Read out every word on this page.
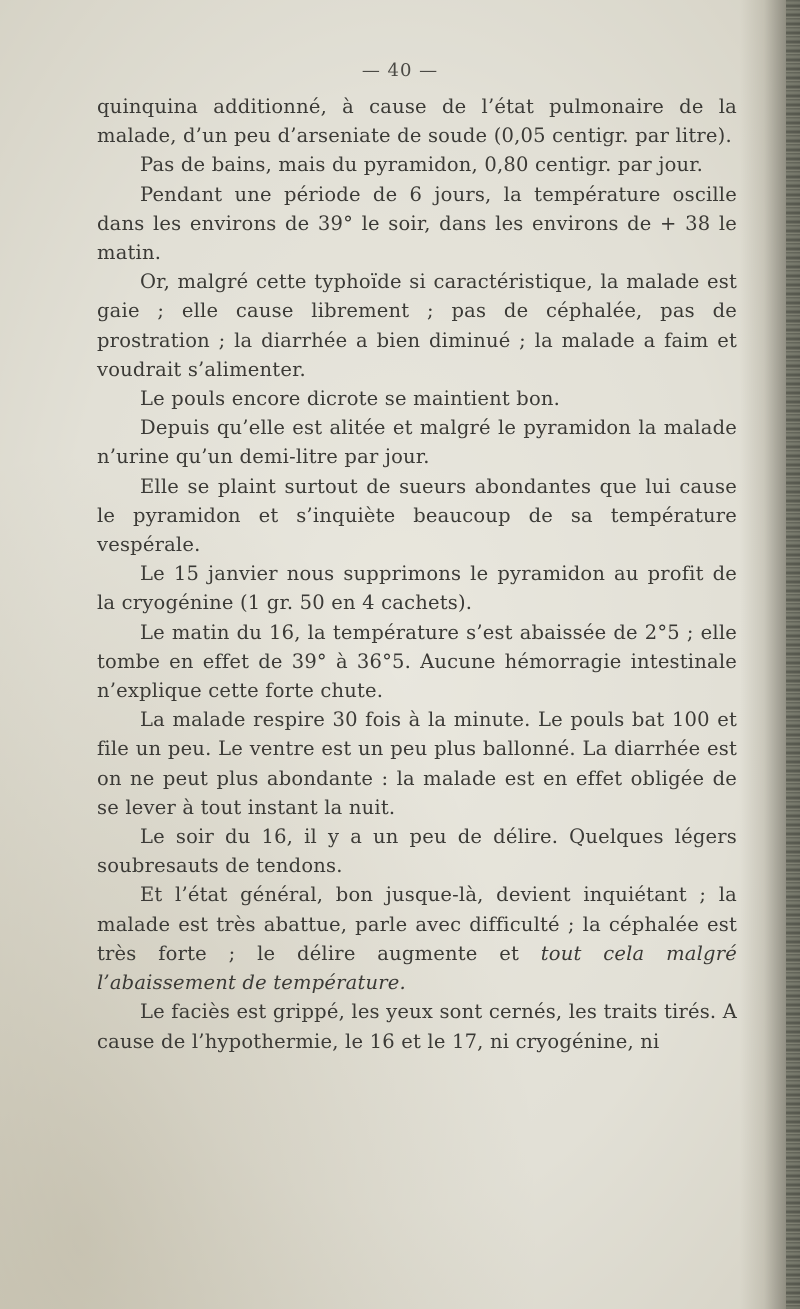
— 40 —

quinquina additionné, à cause de l’état pulmonaire de la malade, d’un peu d’arseniate de soude (0,05 centigr. par litre).

Pas de bains, mais du pyramidon, 0,80 centigr. par jour.

Pendant une période de 6 jours, la température oscille dans les environs de 39° le soir, dans les environs de + 38 le matin.

Or, malgré cette typhoïde si caractéristique, la malade est gaie ; elle cause librement ; pas de céphalée, pas de prostration ; la diarrhée a bien diminué ; la malade a faim et voudrait s’alimenter.

Le pouls encore dicrote se maintient bon.

Depuis qu’elle est alitée et malgré le pyramidon la malade n’urine qu’un demi-litre par jour.

Elle se plaint surtout de sueurs abondantes que lui cause le pyramidon et s’inquiète beaucoup de sa température vespérale.

Le 15 janvier nous supprimons le pyramidon au profit de la cryogénine (1 gr. 50 en 4 cachets).

Le matin du 16, la température s’est abaissée de 2°5 ; elle tombe en effet de 39° à 36°5. Aucune hémorragie intestinale n’explique cette forte chute.

La malade respire 30 fois à la minute. Le pouls bat 100 et file un peu. Le ventre est un peu plus ballonné. La diarrhée est on ne peut plus abondante : la malade est en effet obligée de se lever à tout instant la nuit.

Le soir du 16, il y a un peu de délire. Quelques légers soubresauts de tendons.

Et l’état général, bon jusque-là, devient inquiétant ; la malade est très abattue, parle avec difficulté ; la céphalée est très forte ; le délire augmente et tout cela malgré l’abaissement de température.

Le faciès est grippé, les yeux sont cernés, les traits tirés. A cause de l’hypothermie, le 16 et le 17, ni cryogénine, ni
